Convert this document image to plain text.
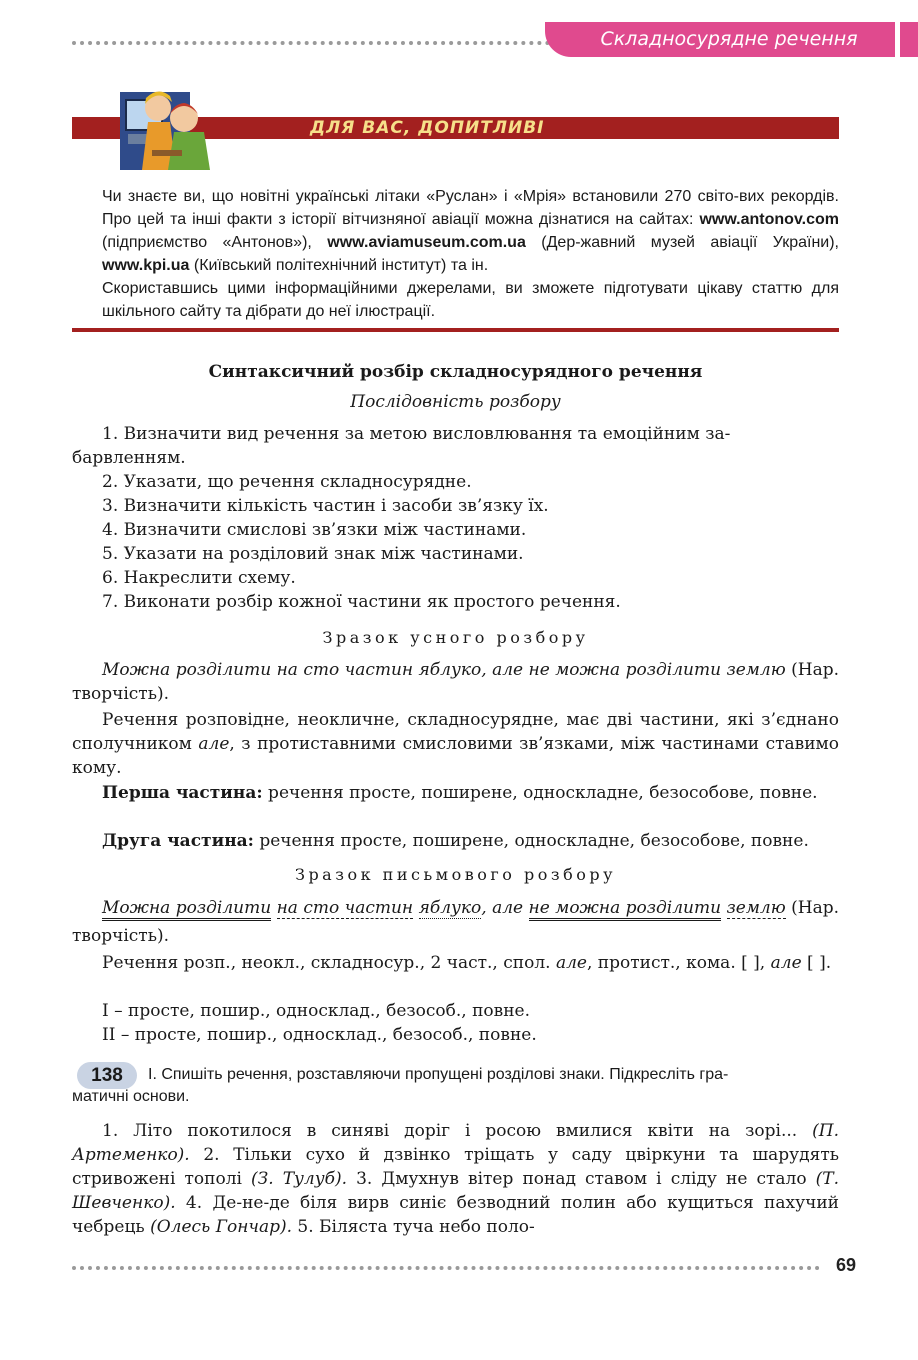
Складносурядне речення
ДЛЯ ВАС, ДОПИТЛИВІ
Чи знаєте ви, що новітні українські літаки «Руслан» і «Мрія» встановили 270 світо-вих рекордів. Про цей та інші факти з історії вітчизняної авіації можна дізнатися на сайтах: www.antonov.com (підприємство «Антонов»), www.aviamuseum.com.ua (Дер-жавний музей авіації України), www.kpi.ua (Київський політехнічний інститут) та ін.
Скориставшись цими інформаційними джерелами, ви зможете підготувати цікаву статтю для шкільного сайту та дібрати до неї ілюстрації.
Синтаксичний розбір складносурядного речення
Послідовність розбору
1. Визначити вид речення за метою висловлювання та емоційним за-
барвленням.
2. Указати, що речення складносурядне.
3. Визначити кількість частин і засоби зв’язку їх.
4. Визначити смислові зв’язки між частинами.
5. Указати на розділовий знак між частинами.
6. Накреслити схему.
7. Виконати розбір кожної частини як простого речення.
Зразок усного розбору
Можна розділити на сто частин яблуко, але не можна розділити землю (Нар. творчість).
Речення розповідне, неокличне, складносурядне, має дві частини, які з’єднано сполучником але, з протиставними смисловими зв’язками, між частинами ставимо кому.
Перша частина: речення просте, поширене, односкладне, безособове, повне.
Друга частина: речення просте, поширене, односкладне, безособове, повне.
Зразок письмового розбору
Можна розділити на сто частин яблуко, але не можна розділити землю (Нар. творчість).
Речення розп., неокл., складносур., 2 част., спол. але, протист., кома. [ ], але [ ].
І – просте, пошир., односклад., безособ., повне.
ІІ – просте, пошир., односклад., безособ., повне.
138	І. Спишіть речення, розставляючи пропущені розділові знаки. Підкресліть гра-
матичні основи.
1. Літо покотилося в синяві доріг і росою вмилися квіти на зорі... (П. Артеменко). 2. Тільки сухо й дзвінко тріщать у саду цвіркуни та шарудять стривожені тополі (З. Тулуб). 3. Дмухнув вітер понад ставом і сліду не стало (Т. Шевченко). 4. Де-не-де біля вирв синіє безводний полин або кущиться пахучий чебрець (Олесь Гончар). 5. Біляста туча небо поло-
69
